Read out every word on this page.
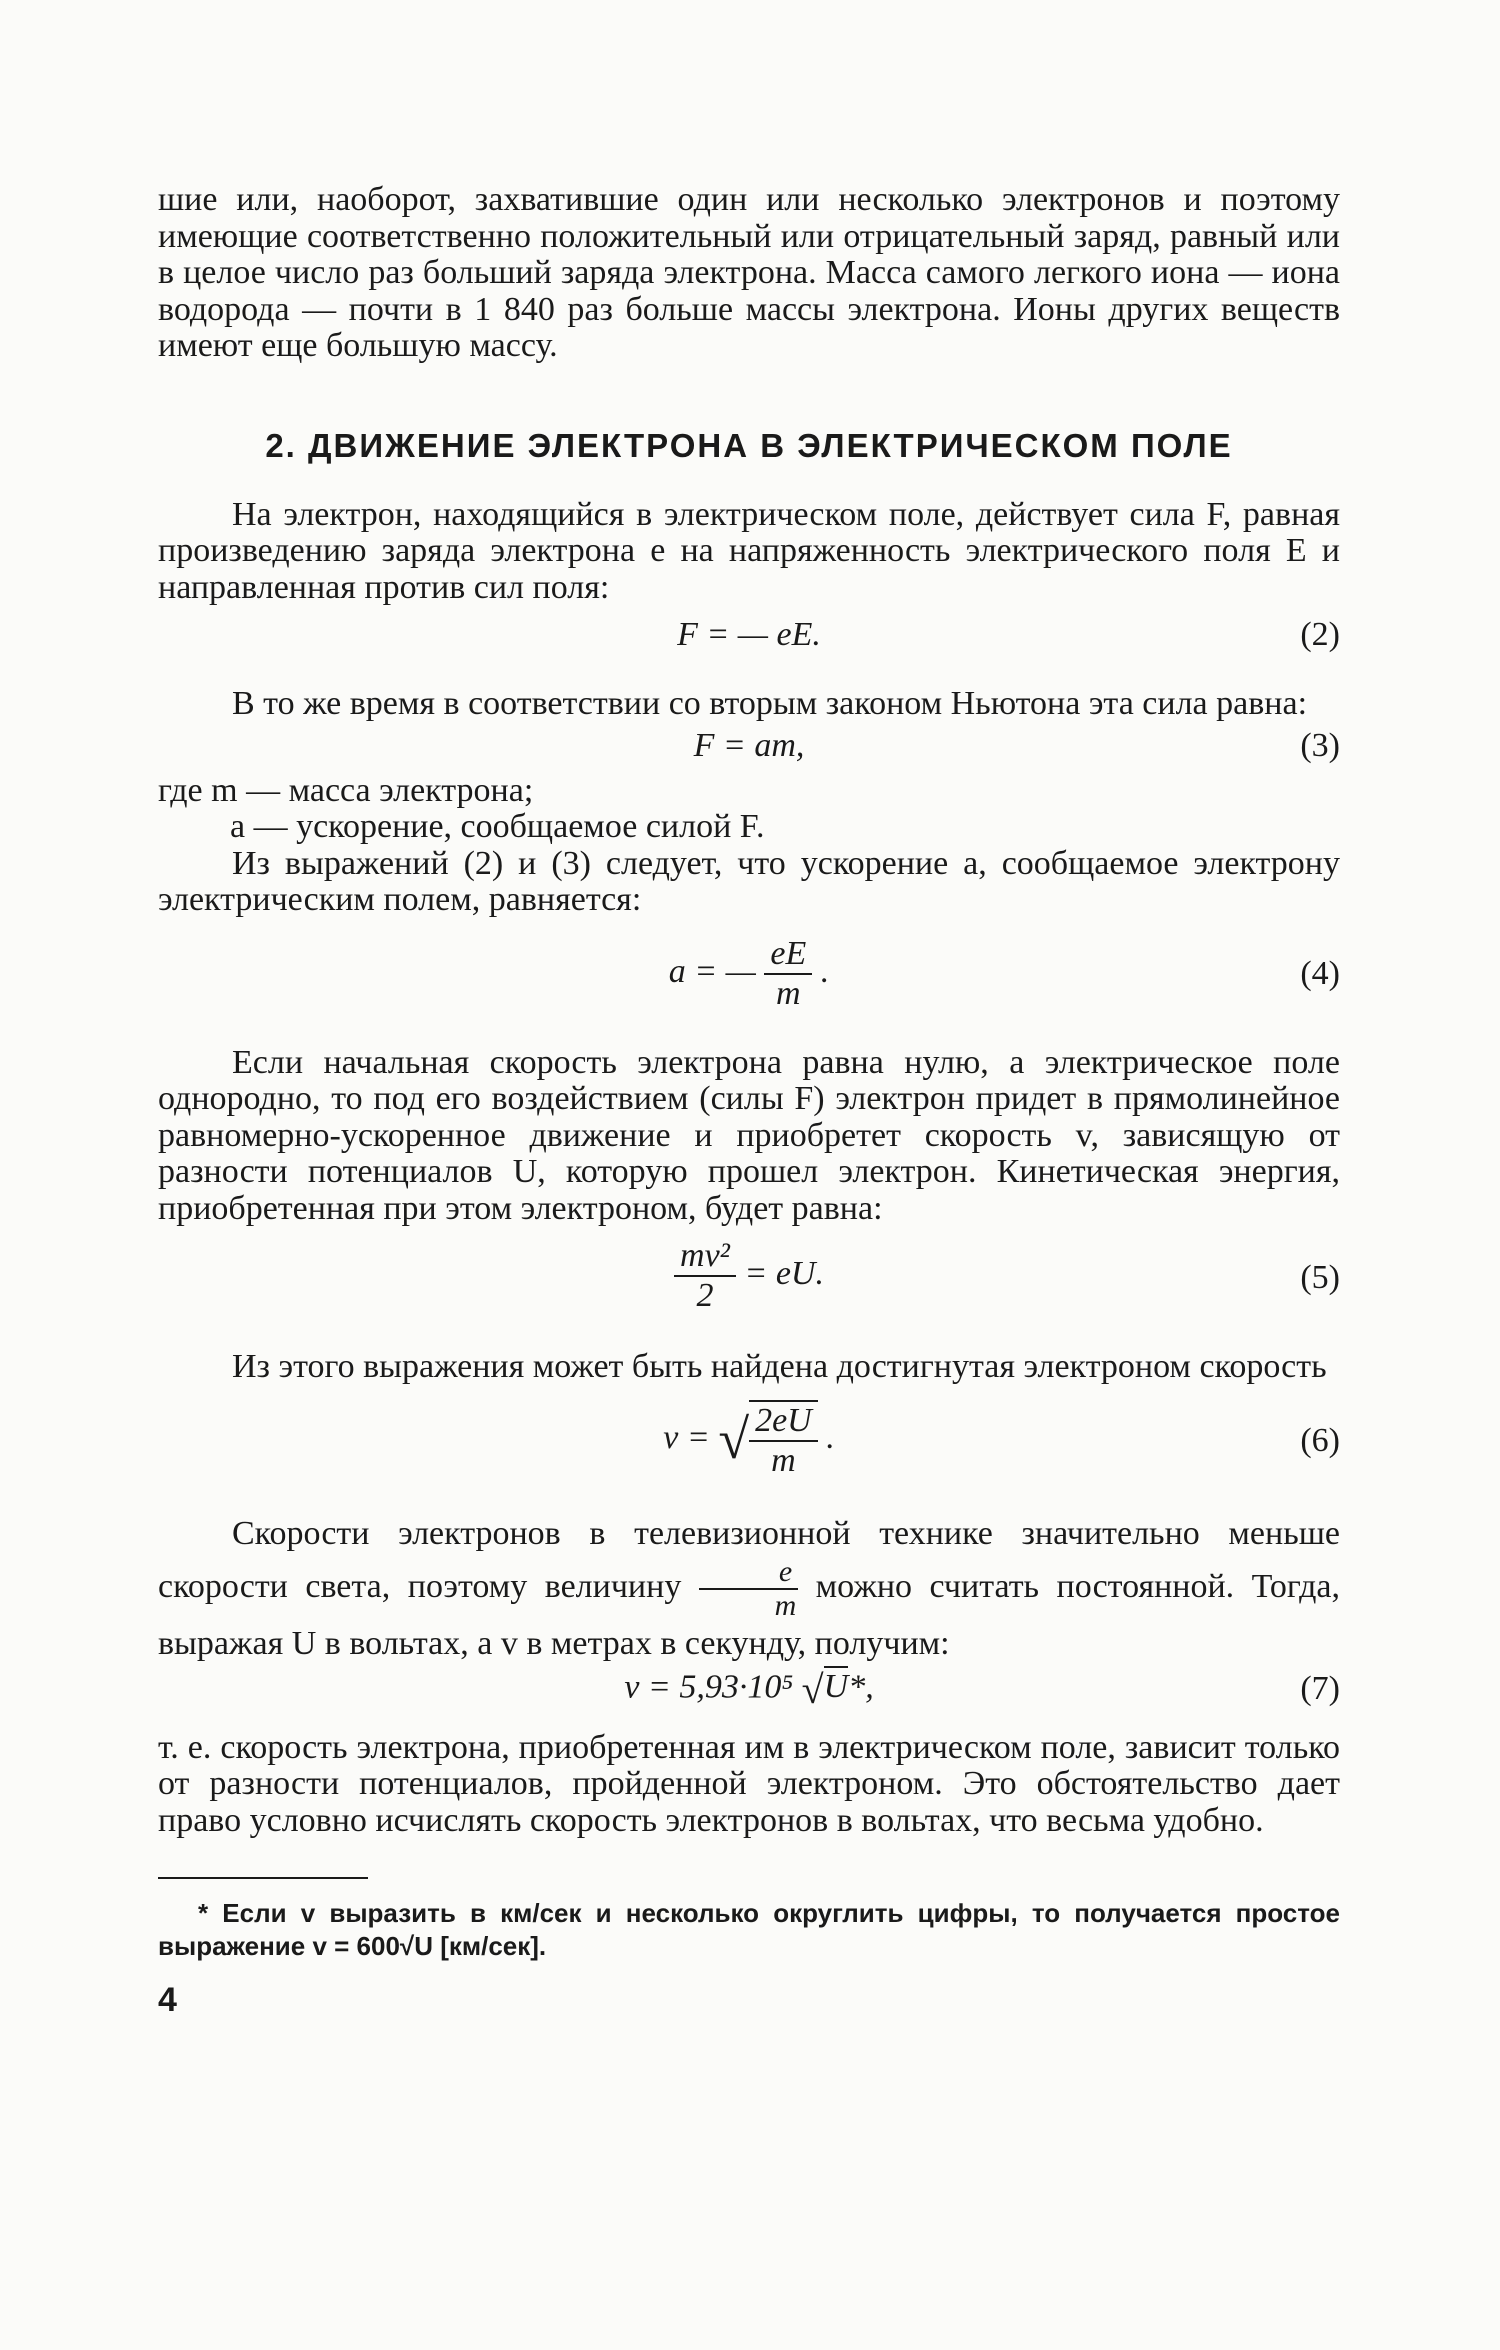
шие или, наоборот, захватившие один или несколько электронов и поэтому имеющие соответственно положительный или отрицательный заряд, равный или в целое число раз больший заряда электрона. Масса самого легкого иона — иона водорода — почти в 1 840 раз больше массы электрона. Ионы других веществ имеют еще большую массу.

2. ДВИЖЕНИЕ ЭЛЕКТРОНА В ЭЛЕКТРИЧЕСКОМ ПОЛЕ

На электрон, находящийся в электрическом поле, действует сила F, равная произведению заряда электрона e на напряженность электрического поля E и направленная против сил поля:

F = — eE.	(2)

В то же время в соответствии со вторым законом Ньютона эта сила равна:

F = am,	(3)

где m — масса электрона;

a — ускорение, сообщаемое силой F.

Из выражений (2) и (3) следует, что ускорение a, сообщаемое электрону электрическим полем, равняется:

a = — $\frac{eE}{m}$ .	(4)

Если начальная скорость электрона равна нулю, а электрическое поле однородно, то под его воздействием (силы F) электрон придет в прямолинейное равномерно-ускоренное движение и приобретет скорость v, зависящую от разности потенциалов U, которую прошел электрон. Кинетическая энергия, приобретенная при этом электроном, будет равна:

$\frac{\text{mv²}}{2}$ = eU.	(5)

Из этого выражения может быть найдена достигнутая электроном скорость

v = √ $\frac{2eU}{m}$ .	(6)

Скорости электронов в телевизионной технике значительно меньше скорости света, поэтому величину $\frac{e}{m}$ можно считать постоянной. Тогда, выражая U в вольтах, а v в метрах в секунду, получим:

v = 5,93·10⁵ √U*,	(7)

т. е. скорость электрона, приобретенная им в электрическом поле, зависит только от разности потенциалов, пройденной электроном. Это обстоятельство дает право условно исчислять скорость электронов в вольтах, что весьма удобно.

* Если v выразить в км/сек и несколько округлить цифры, то получается простое выражение v = 600√U [км/сек].

4
